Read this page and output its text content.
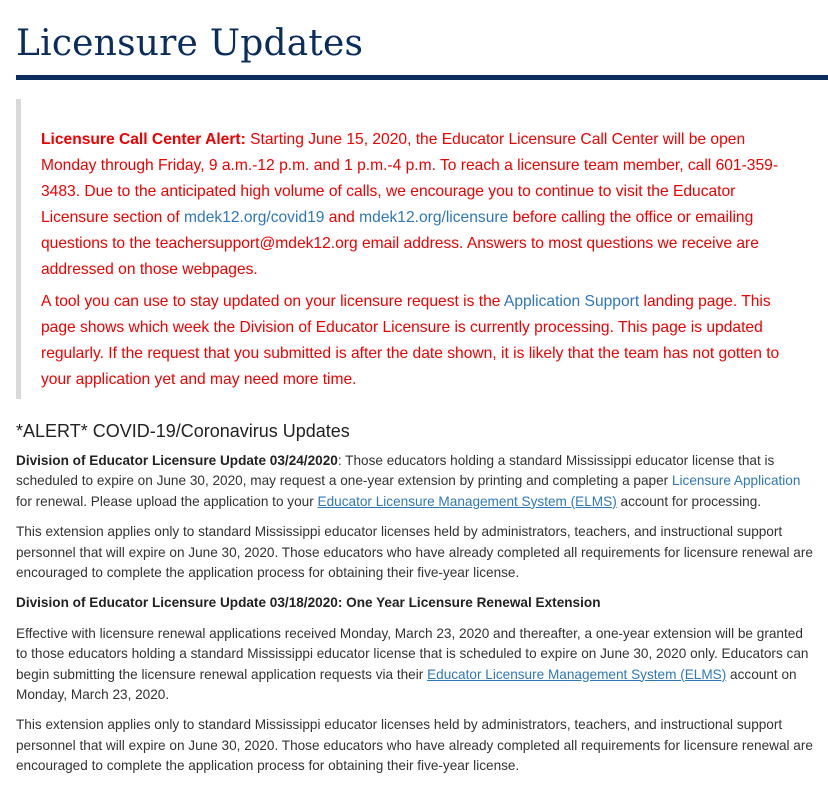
Licensure Updates

Licensure Call Center Alert: Starting June 15, 2020, the Educator Licensure Call Center will be open Monday through Friday, 9 a.m.-12 p.m. and 1 p.m.-4 p.m. To reach a licensure team member, call 601-359-3483. Due to the anticipated high volume of calls, we encourage you to continue to visit the Educator Licensure section of mdek12.org/covid19 and mdek12.org/licensure before calling the office or emailing questions to the teachersupport@mdek12.org email address. Answers to most questions we receive are addressed on those webpages.

A tool you can use to stay updated on your licensure request is the Application Support landing page. This page shows which week the Division of Educator Licensure is currently processing. This page is updated regularly. If the request that you submitted is after the date shown, it is likely that the team has not gotten to your application yet and may need more time.

*ALERT* COVID-19/Coronavirus Updates

Division of Educator Licensure Update 03/24/2020: Those educators holding a standard Mississippi educator license that is scheduled to expire on June 30, 2020, may request a one-year extension by printing and completing a paper Licensure Application for renewal. Please upload the application to your Educator Licensure Management System (ELMS) account for processing.

This extension applies only to standard Mississippi educator licenses held by administrators, teachers, and instructional support personnel that will expire on June 30, 2020. Those educators who have already completed all requirements for licensure renewal are encouraged to complete the application process for obtaining their five-year license.

Division of Educator Licensure Update 03/18/2020: One Year Licensure Renewal Extension

Effective with licensure renewal applications received Monday, March 23, 2020 and thereafter, a one-year extension will be granted to those educators holding a standard Mississippi educator license that is scheduled to expire on June 30, 2020 only. Educators can begin submitting the licensure renewal application requests via their Educator Licensure Management System (ELMS) account on Monday, March 23, 2020.

This extension applies only to standard Mississippi educator licenses held by administrators, teachers, and instructional support personnel that will expire on June 30, 2020. Those educators who have already completed all requirements for licensure renewal are encouraged to complete the application process for obtaining their five-year license.
